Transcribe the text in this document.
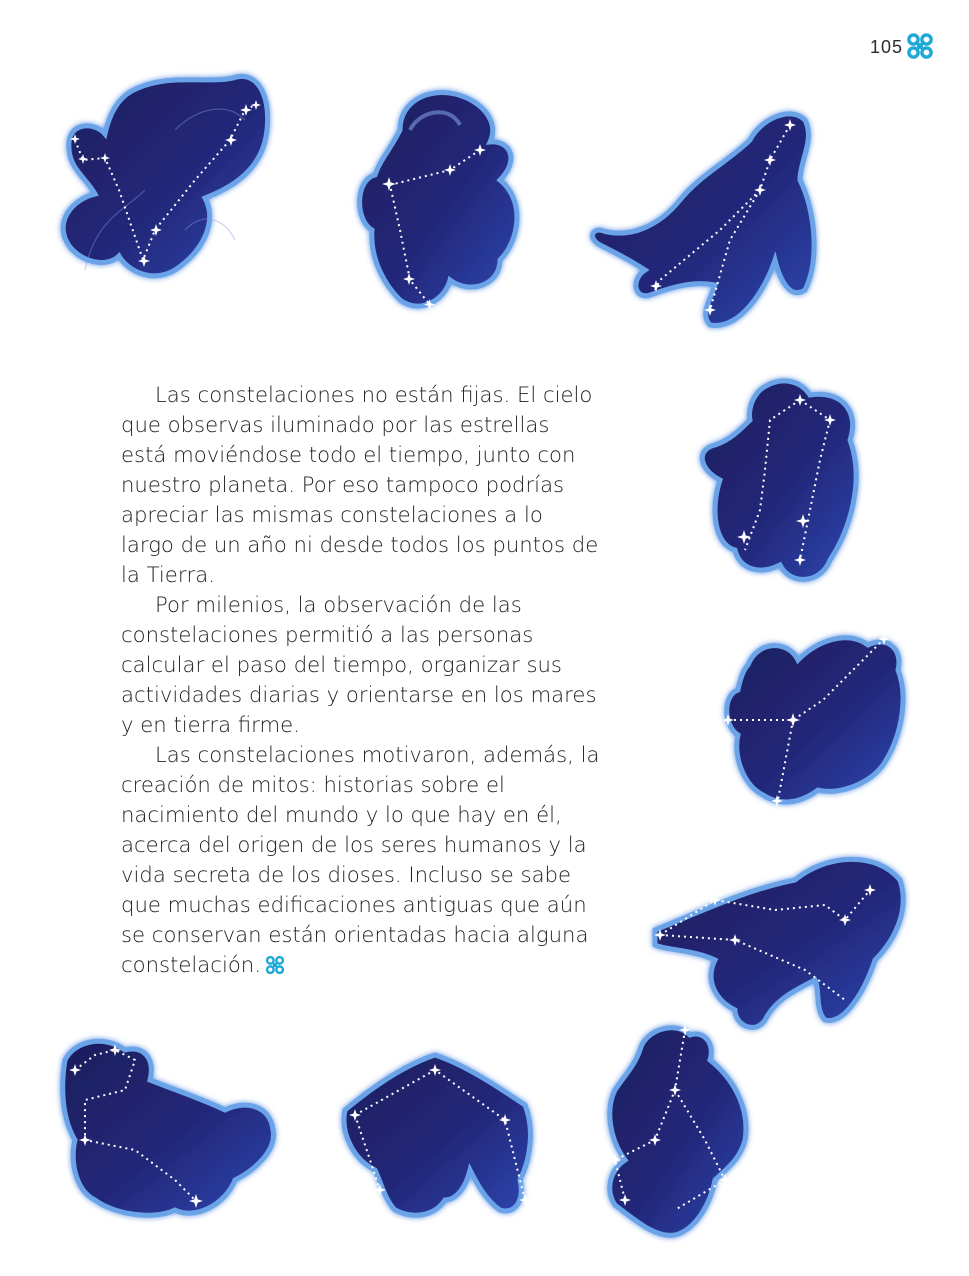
105

Las constelaciones no están fijas. El cielo que observas iluminado por las estrellas está moviéndose todo el tiempo, junto con nuestro planeta. Por eso tampoco podrías apreciar las mismas constelaciones a lo largo de un año ni desde todos los puntos de la Tierra.

Por milenios, la observación de las constelaciones permitió a las personas calcular el paso del tiempo, organizar sus actividades diarias y orientarse en los mares y en tierra firme.

Las constelaciones motivaron, además, la creación de mitos: historias sobre el nacimiento del mundo y lo que hay en él, acerca del origen de los seres humanos y la vida secreta de los dioses. Incluso se sabe que muchas edificaciones antiguas que aún se conservan están orientadas hacia alguna constelación.
